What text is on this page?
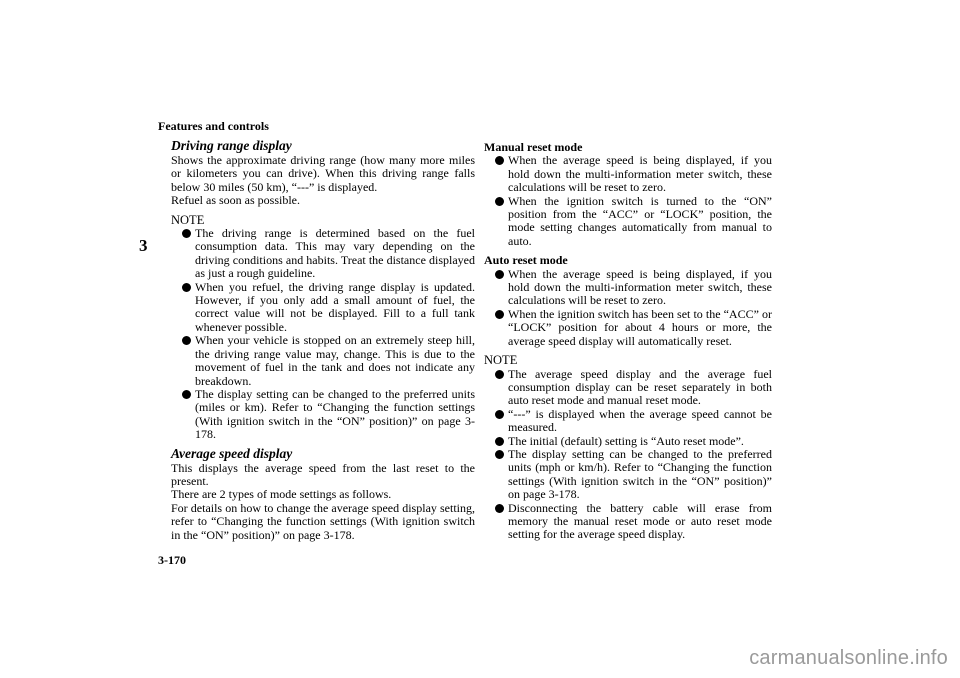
Features and controls
3
3-170
Driving range display

Shows the approximate driving range (how many more miles or kilometers you can drive). When this driving range falls below 30 miles (50 km), “---” is displayed.

Refuel as soon as possible.

NOTE
The driving range is determined based on the fuel consumption data. This may vary depending on the driving conditions and habits. Treat the distance displayed as just a rough guideline.
When you refuel, the driving range display is updated. However, if you only add a small amount of fuel, the correct value will not be displayed. Fill to a full tank whenever possible.
When your vehicle is stopped on an extremely steep hill, the driving range value may, change. This is due to the movement of fuel in the tank and does not indicate any breakdown.
The display setting can be changed to the preferred units (miles or km). Refer to “Changing the function settings (With ignition switch in the “ON” position)” on page 3-178.
Average speed display

This displays the average speed from the last reset to the present.

There are 2 types of mode settings as follows.

For details on how to change the average speed display setting, refer to “Changing the function settings (With ignition switch in the “ON” position)” on page 3-178.

Manual reset mode
When the average speed is being displayed, if you hold down the multi-information meter switch, these calculations will be reset to zero.
When the ignition switch is turned to the “ON” position from the “ACC” or “LOCK” position, the mode setting changes automatically from manual to auto.
Auto reset mode
When the average speed is being displayed, if you hold down the multi-information meter switch, these calculations will be reset to zero.
When the ignition switch has been set to the “ACC” or “LOCK” position for about 4 hours or more, the average speed display will automatically reset.
NOTE
The average speed display and the average fuel consumption display can be reset separately in both auto reset mode and manual reset mode.
“---” is displayed when the average speed cannot be measured.
The initial (default) setting is “Auto reset mode”.
The display setting can be changed to the preferred units (mph or km/h). Refer to “Changing the function settings (With ignition switch in the “ON” position)” on page 3-178.
Disconnecting the battery cable will erase from memory the manual reset mode or auto reset mode setting for the average speed display.
carmanualsonline.info
